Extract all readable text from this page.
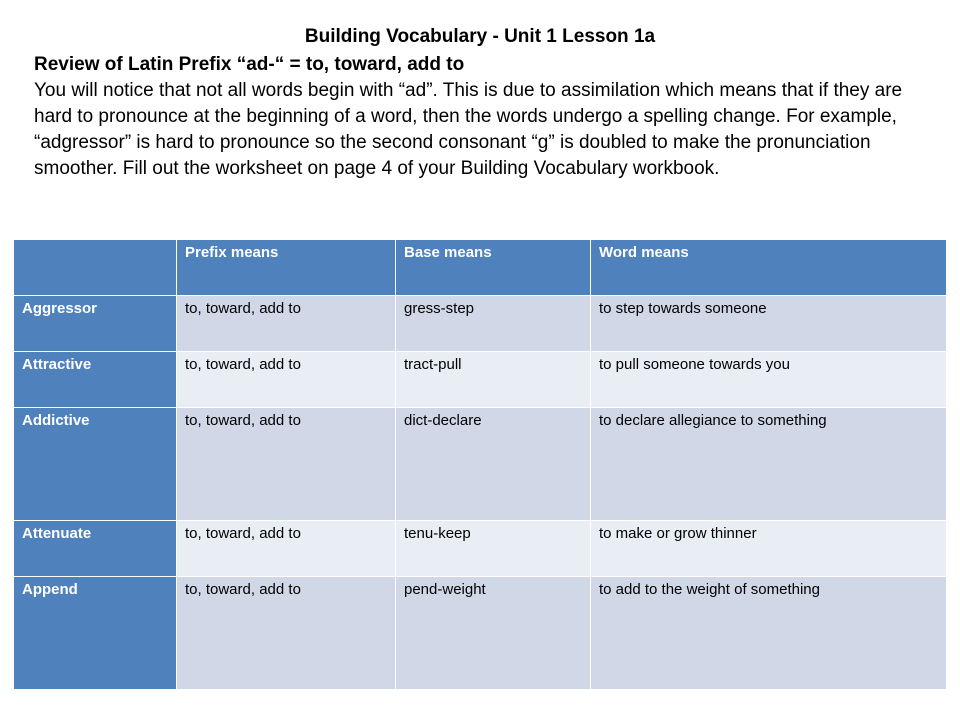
Building Vocabulary - Unit 1 Lesson 1a
Review of Latin Prefix “ad-“ = to, toward, add to
You will notice that not all words begin with “ad”. This is due to assimilation which means that if they are hard to pronounce at the beginning of a word, then the words undergo a spelling change. For example, “adgressor” is hard to pronounce so the second consonant “g” is doubled to make the pronunciation smoother. Fill out the worksheet on page 4 of your Building Vocabulary workbook.
	Prefix means	Base means	Word means
Aggressor	to, toward, add to	gress-step	to step towards someone
Attractive	to, toward, add to	tract-pull	to pull someone towards you
Addictive	to, toward, add to	dict-declare	to declare allegiance to something
Attenuate	to, toward, add to	tenu-keep	to make or grow thinner
Append	to, toward, add to	pend-weight	to add to the weight of something
